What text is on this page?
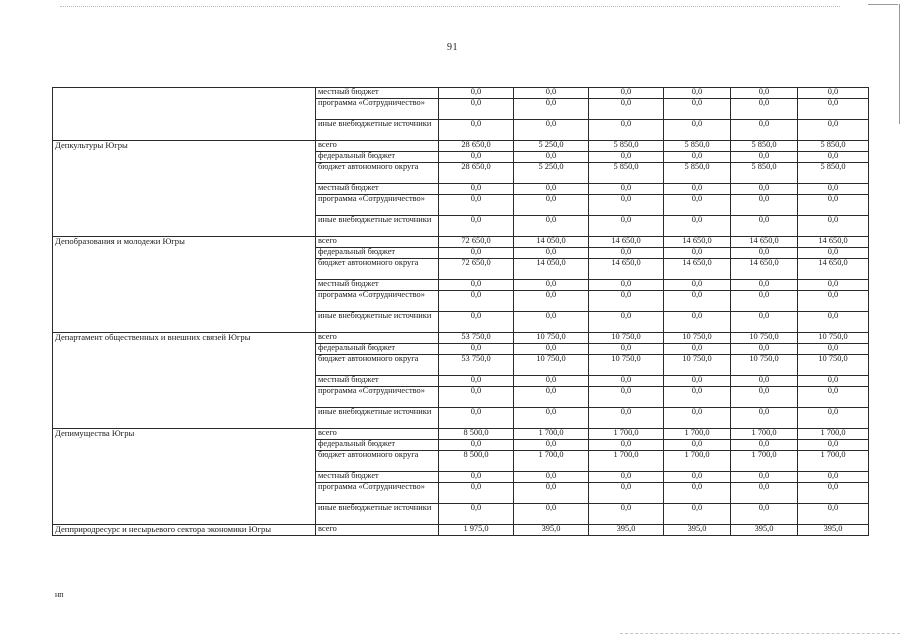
91
	местный бюджет	0,0	0,0	0,0	0,0	0,0	0,0
	программа «Сотрудничество»	0,0	0,0	0,0	0,0	0,0	0,0
	иные внебюджетные источники	0,0	0,0	0,0	0,0	0,0	0,0
Депкультуры Югры	всего	28 650,0	5 250,0	5 850,0	5 850,0	5 850,0	5 850,0
	федеральный бюджет	0,0	0,0	0,0	0,0	0,0	0,0
	бюджет автономного округа	28 650,0	5 250,0	5 850,0	5 850,0	5 850,0	5 850,0
	местный бюджет	0,0	0,0	0,0	0,0	0,0	0,0
	программа «Сотрудничество»	0,0	0,0	0,0	0,0	0,0	0,0
	иные внебюджетные источники	0,0	0,0	0,0	0,0	0,0	0,0
Депобразования и молодежи Югры	всего	72 650,0	14 050,0	14 650,0	14 650,0	14 650,0	14 650,0
	федеральный бюджет	0,0	0,0	0,0	0,0	0,0	0,0
	бюджет автономного округа	72 650,0	14 050,0	14 650,0	14 650,0	14 650,0	14 650,0
	местный бюджет	0,0	0,0	0,0	0,0	0,0	0,0
	программа «Сотрудничество»	0,0	0,0	0,0	0,0	0,0	0,0
	иные внебюджетные источники	0,0	0,0	0,0	0,0	0,0	0,0
Департамент общественных и внешних связей Югры	всего	53 750,0	10 750,0	10 750,0	10 750,0	10 750,0	10 750,0
	федеральный бюджет	0,0	0,0	0,0	0,0	0,0	0,0
	бюджет автономного округа	53 750,0	10 750,0	10 750,0	10 750,0	10 750,0	10 750,0
	местный бюджет	0,0	0,0	0,0	0,0	0,0	0,0
	программа «Сотрудничество»	0,0	0,0	0,0	0,0	0,0	0,0
	иные внебюджетные источники	0,0	0,0	0,0	0,0	0,0	0,0
Депимущества Югры	всего	8 500,0	1 700,0	1 700,0	1 700,0	1 700,0	1 700,0
	федеральный бюджет	0,0	0,0	0,0	0,0	0,0	0,0
	бюджет автономного округа	8 500,0	1 700,0	1 700,0	1 700,0	1 700,0	1 700,0
	местный бюджет	0,0	0,0	0,0	0,0	0,0	0,0
	программа «Сотрудничество»	0,0	0,0	0,0	0,0	0,0	0,0
	иные внебюджетные источники	0,0	0,0	0,0	0,0	0,0	0,0
Депприродресурс и несырьевого сектора экономики Югры	всего	1 975,0	395,0	395,0	395,0	395,0	395,0
нп
